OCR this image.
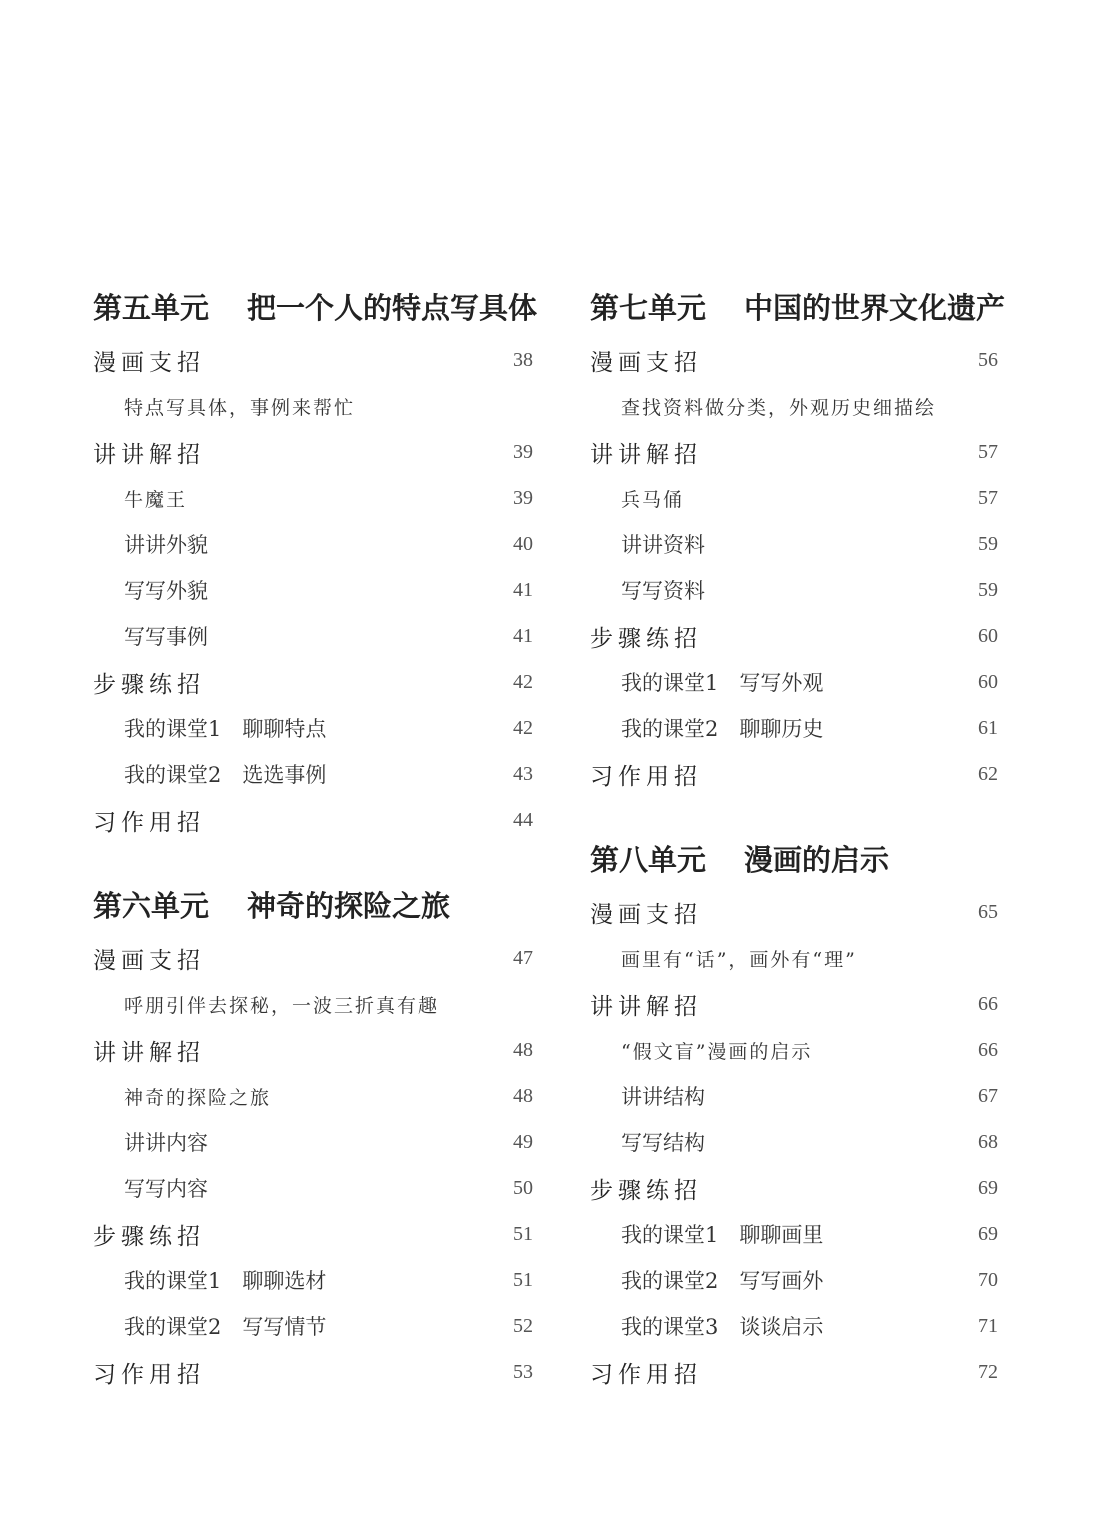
第五单元 把一个人的特点写具体
漫画支招	38
特点写具体，事例来帮忙
讲讲解招	39
牛魔王	39
讲讲外貌	40
写写外貌	41
写写事例	41
步骤练招	42
我的课堂1　聊聊特点	42
我的课堂2　选选事例	43
习作用招	44
第六单元 神奇的探险之旅
漫画支招	47
呼朋引伴去探秘，一波三折真有趣
讲讲解招	48
神奇的探险之旅	48
讲讲内容	49
写写内容	50
步骤练招	51
我的课堂1　聊聊选材	51
我的课堂2　写写情节	52
习作用招	53
第七单元 中国的世界文化遗产
漫画支招	56
查找资料做分类，外观历史细描绘
讲讲解招	57
兵马俑	57
讲讲资料	59
写写资料	59
步骤练招	60
我的课堂1　写写外观	60
我的课堂2　聊聊历史	61
习作用招	62
第八单元 漫画的启示
漫画支招	65
画里有“话”，画外有“理”
讲讲解招	66
“假文盲”漫画的启示	66
讲讲结构	67
写写结构	68
步骤练招	69
我的课堂1　聊聊画里	69
我的课堂2　写写画外	70
我的课堂3　谈谈启示	71
习作用招	72
